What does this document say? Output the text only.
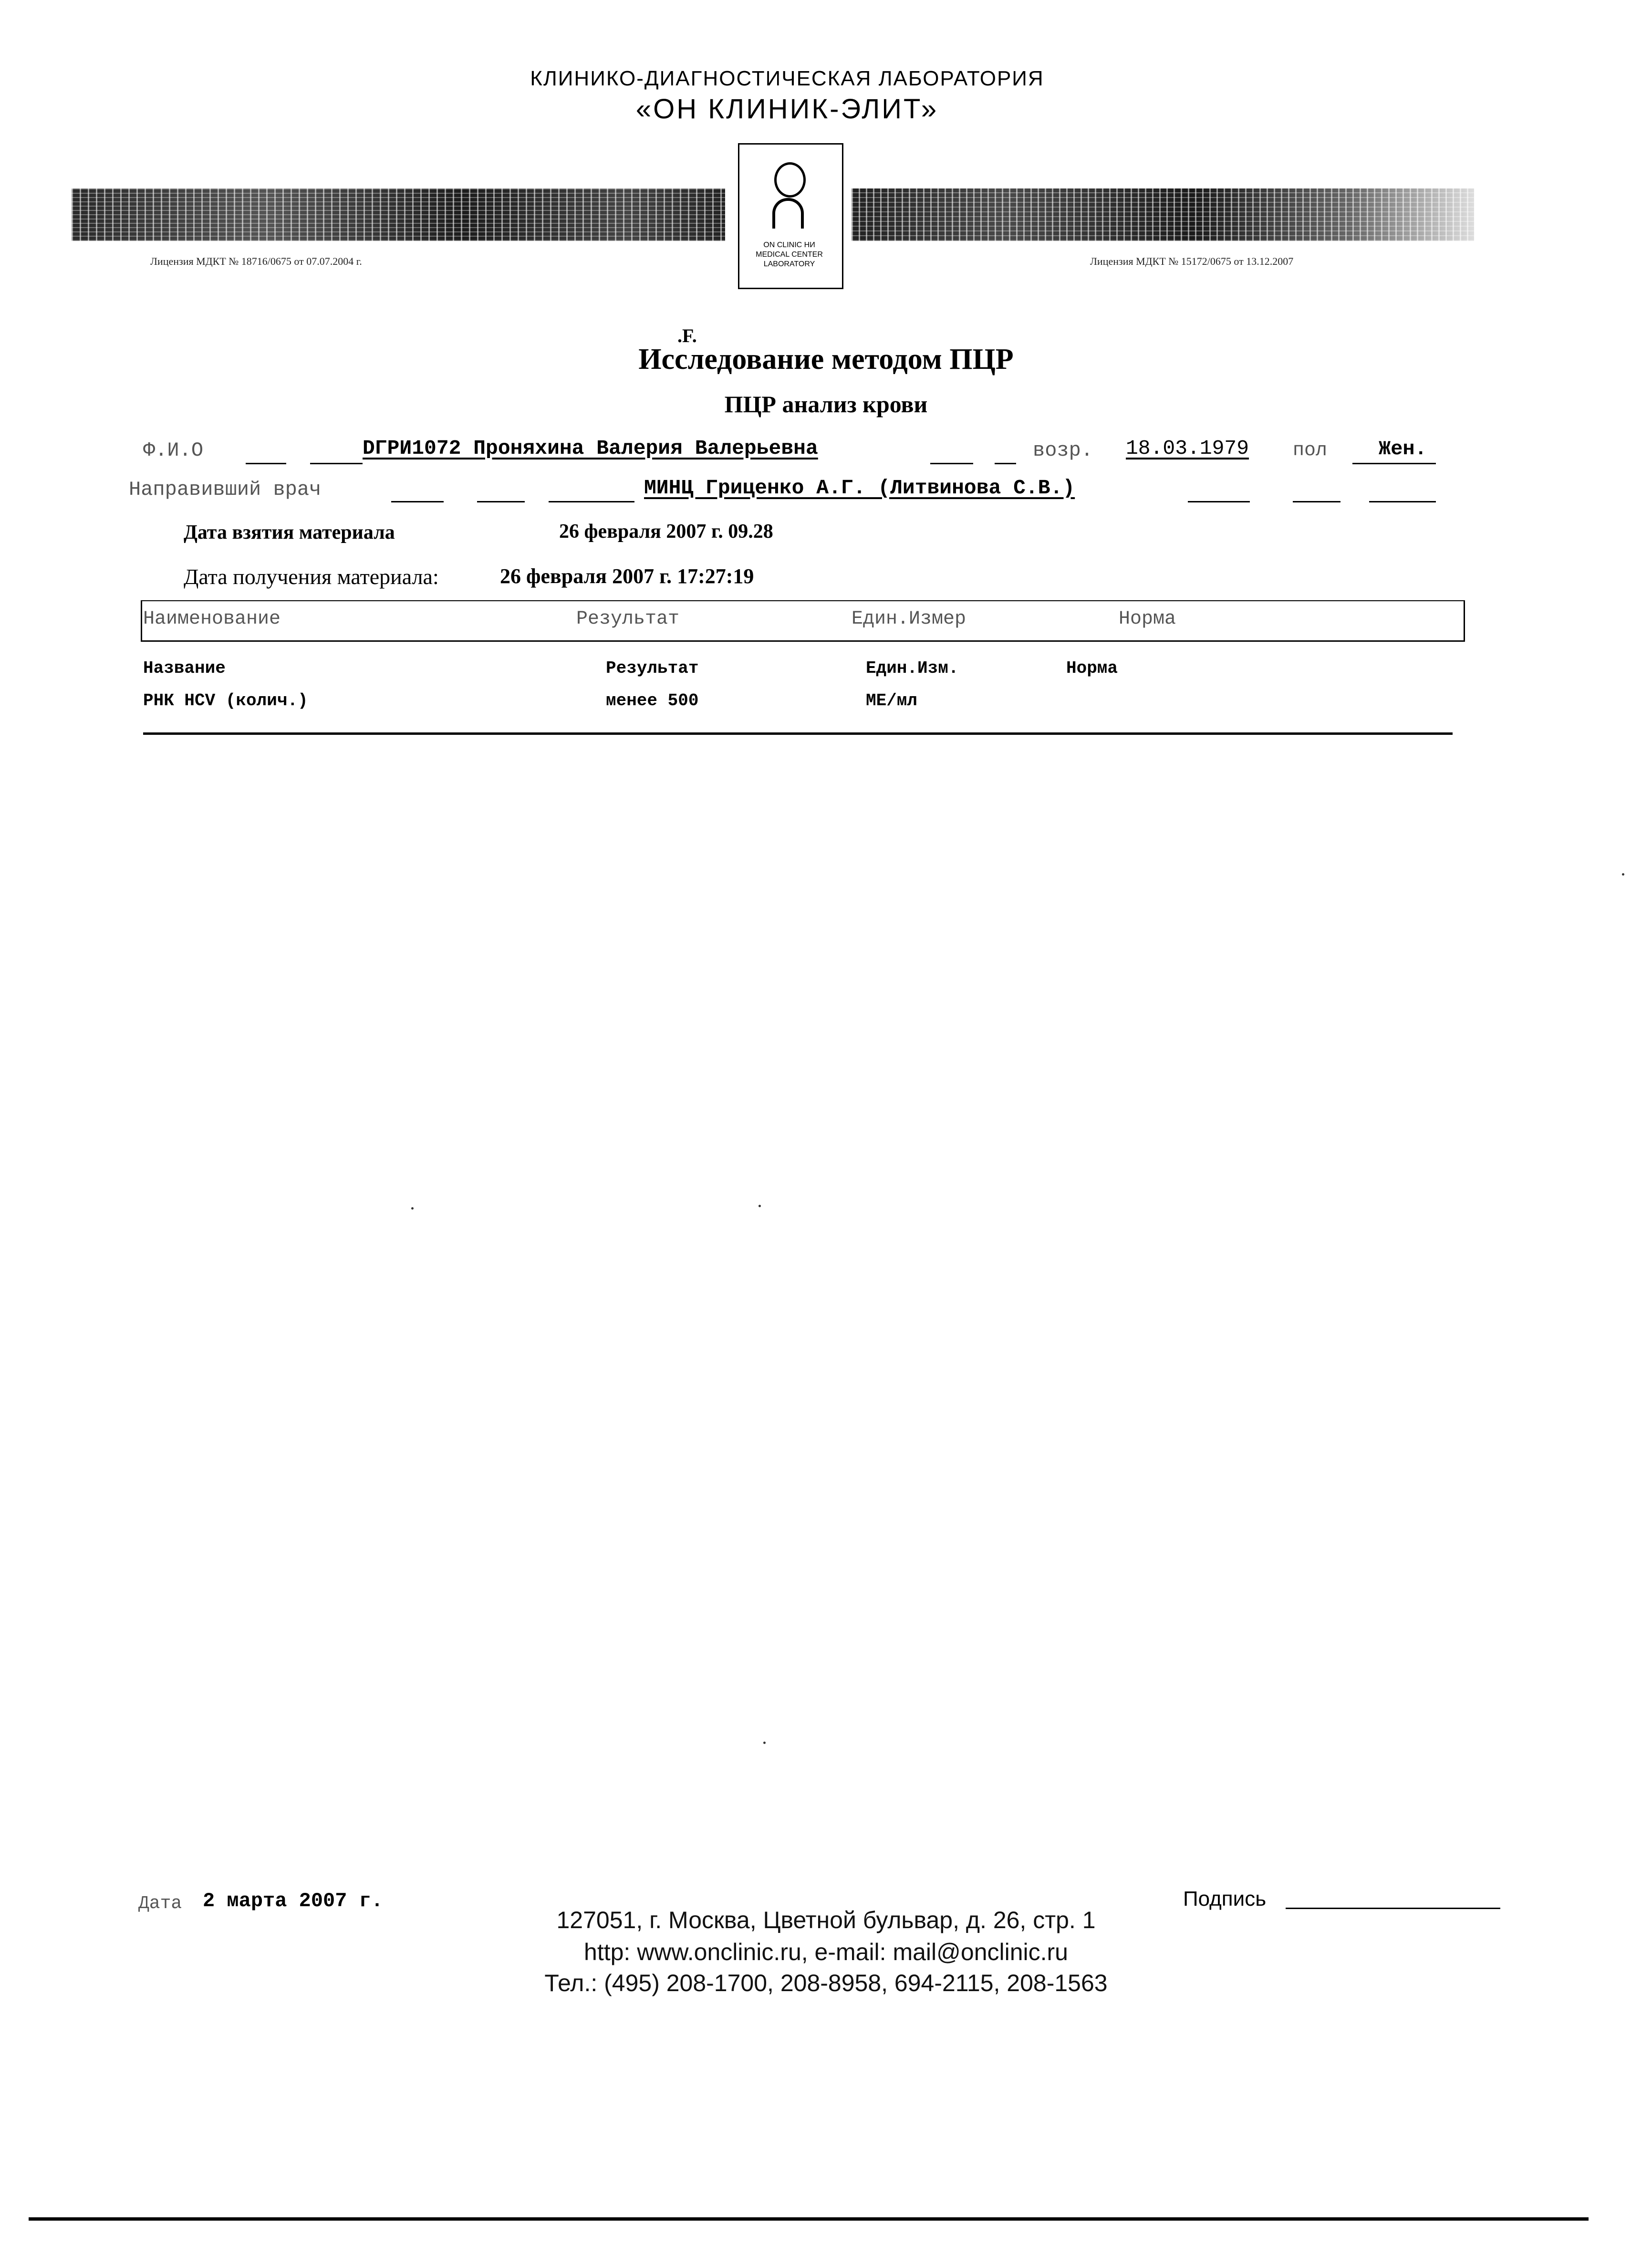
КЛИНИКО-ДИАГНОСТИЧЕСКАЯ ЛАБОРАТОРИЯ
«ОН КЛИНИК-ЭЛИТ»
ON CLINIC НИ
MEDICAL CENTER
LABORATORY
Лицензия МДКТ № 18716/0675 от 07.07.2004 г.	Лицензия МДКТ № 15172/0675 от 13.12.2007
.F.
Исследование методом ПЦР
ПЦР анализ крови
Ф.И.О	DГРИ1072 Проняхина Валерия Валерьевна	возр. 18.03.1979 пол	Жен.
Направивший врач	МИНЦ Гриценко А.Г. (Литвинова С.В.)
Дата взятия материала	26 февраля 2007 г. 09.28
Дата получения материала:	26 февраля 2007 г. 17:27:19
Наименование	Результат	Един.Измер	Норма
Название	Результат	Един.Изм.	Норма
РНК HCV (колич.)	менее 500	МЕ/мл
Дата 2 марта 2007 г.
127051, г. Москва, Цветной бульвар, д. 26, стр. 1
http: www.onclinic.ru, e-mail: mail@onclinic.ru
Тел.: (495) 208-1700, 208-8958, 694-2115, 208-1563
Подпись
